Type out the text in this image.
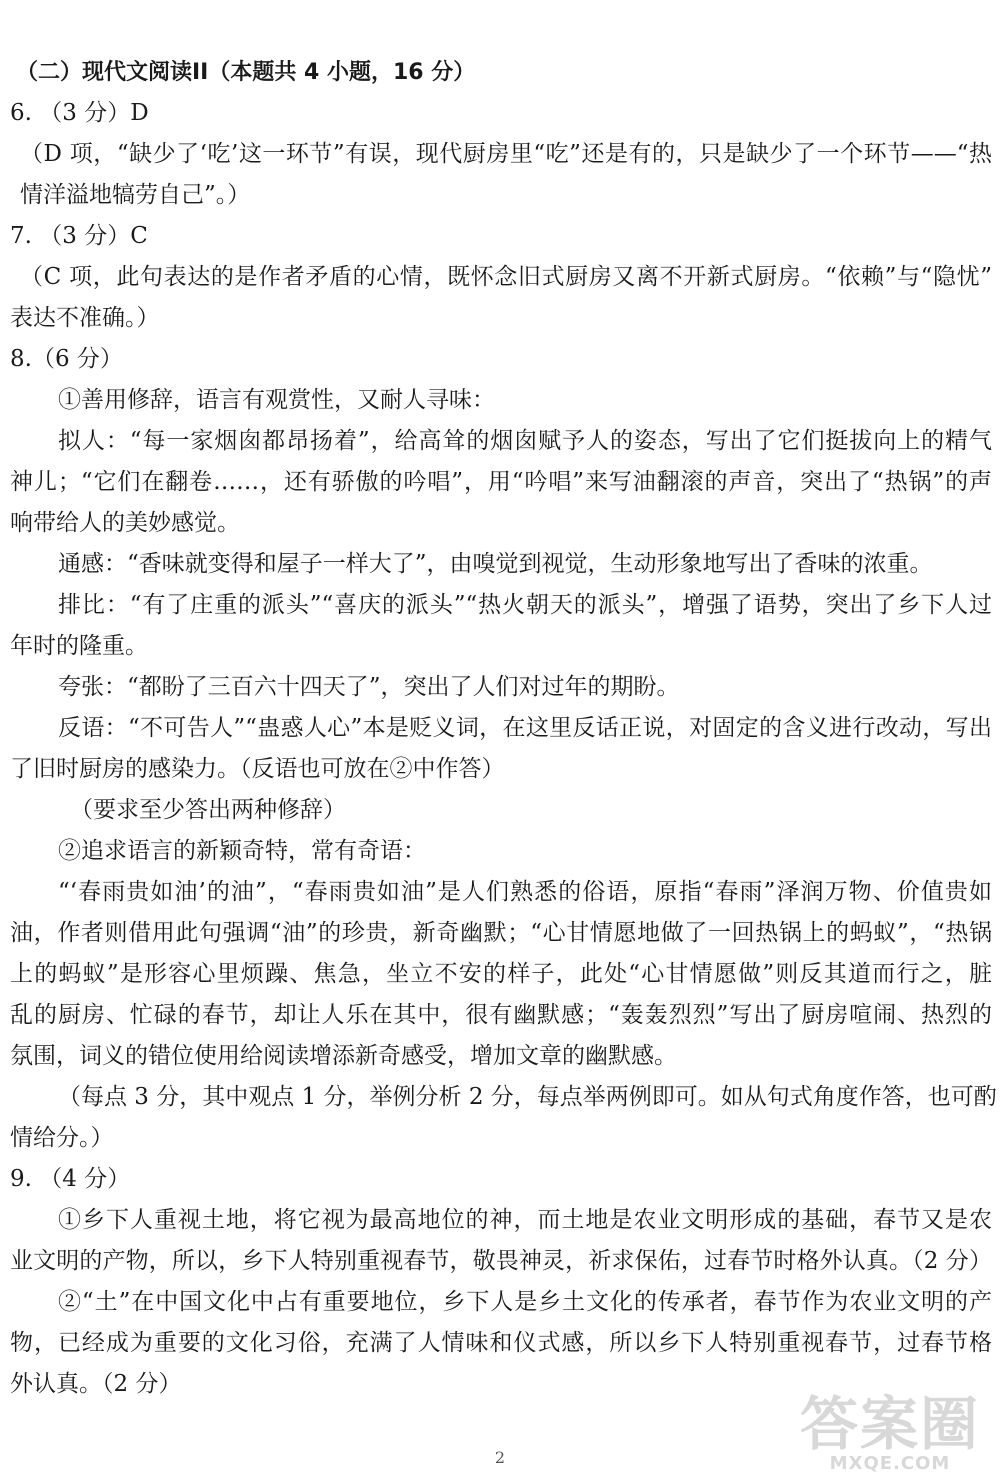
（二）现代文阅读II（本题共 4 小题，16 分）
6. （3 分）D
（D 项，“缺少了‘吃’这一环节”有误，现代厨房里“吃”还是有的，只是缺少了一个环节——“热
情洋溢地犒劳自己”。）
7. （3 分）C
（C 项，此句表达的是作者矛盾的心情，既怀念旧式厨房又离不开新式厨房。“依赖”与“隐忧”
表达不准确。）
8.（6 分）
①善用修辞，语言有观赏性，又耐人寻味：
拟人：“每一家烟囱都昂扬着”，给高耸的烟囱赋予人的姿态，写出了它们挺拔向上的精气
神儿；“它们在翻卷……，还有骄傲的吟唱”，用“吟唱”来写油翻滚的声音，突出了“热锅”的声
响带给人的美妙感觉。
通感：“香味就变得和屋子一样大了”，由嗅觉到视觉，生动形象地写出了香味的浓重。
排比：“有了庄重的派头”“喜庆的派头”“热火朝天的派头”，增强了语势，突出了乡下人过
年时的隆重。
夸张：“都盼了三百六十四天了”，突出了人们对过年的期盼。
反语：“不可告人”“蛊惑人心”本是贬义词，在这里反话正说，对固定的含义进行改动，写出
了旧时厨房的感染力。（反语也可放在②中作答）
（要求至少答出两种修辞）
②追求语言的新颖奇特，常有奇语：
“‘春雨贵如油’的油”，“春雨贵如油”是人们熟悉的俗语，原指“春雨”泽润万物、价值贵如
油，作者则借用此句强调“油”的珍贵，新奇幽默；“心甘情愿地做了一回热锅上的蚂蚁”，“热锅
上的蚂蚁”是形容心里烦躁、焦急，坐立不安的样子，此处“心甘情愿做”则反其道而行之，脏
乱的厨房、忙碌的春节，却让人乐在其中，很有幽默感；“轰轰烈烈”写出了厨房喧闹、热烈的
氛围，词义的错位使用给阅读增添新奇感受，增加文章的幽默感。
（每点 3 分，其中观点 1 分，举例分析 2 分，每点举两例即可。如从句式角度作答，也可酌
情给分。）
9. （4 分）
①乡下人重视土地，将它视为最高地位的神，而土地是农业文明形成的基础，春节又是农
业文明的产物，所以，乡下人特别重视春节，敬畏神灵，祈求保佑，过春节时格外认真。（2 分）
②“土”在中国文化中占有重要地位，乡下人是乡土文化的传承者，春节作为农业文明的产
物，已经成为重要的文化习俗，充满了人情味和仪式感，所以乡下人特别重视春节，过春节格
外认真。（2 分）
答案圈
MXQE.COM
2
